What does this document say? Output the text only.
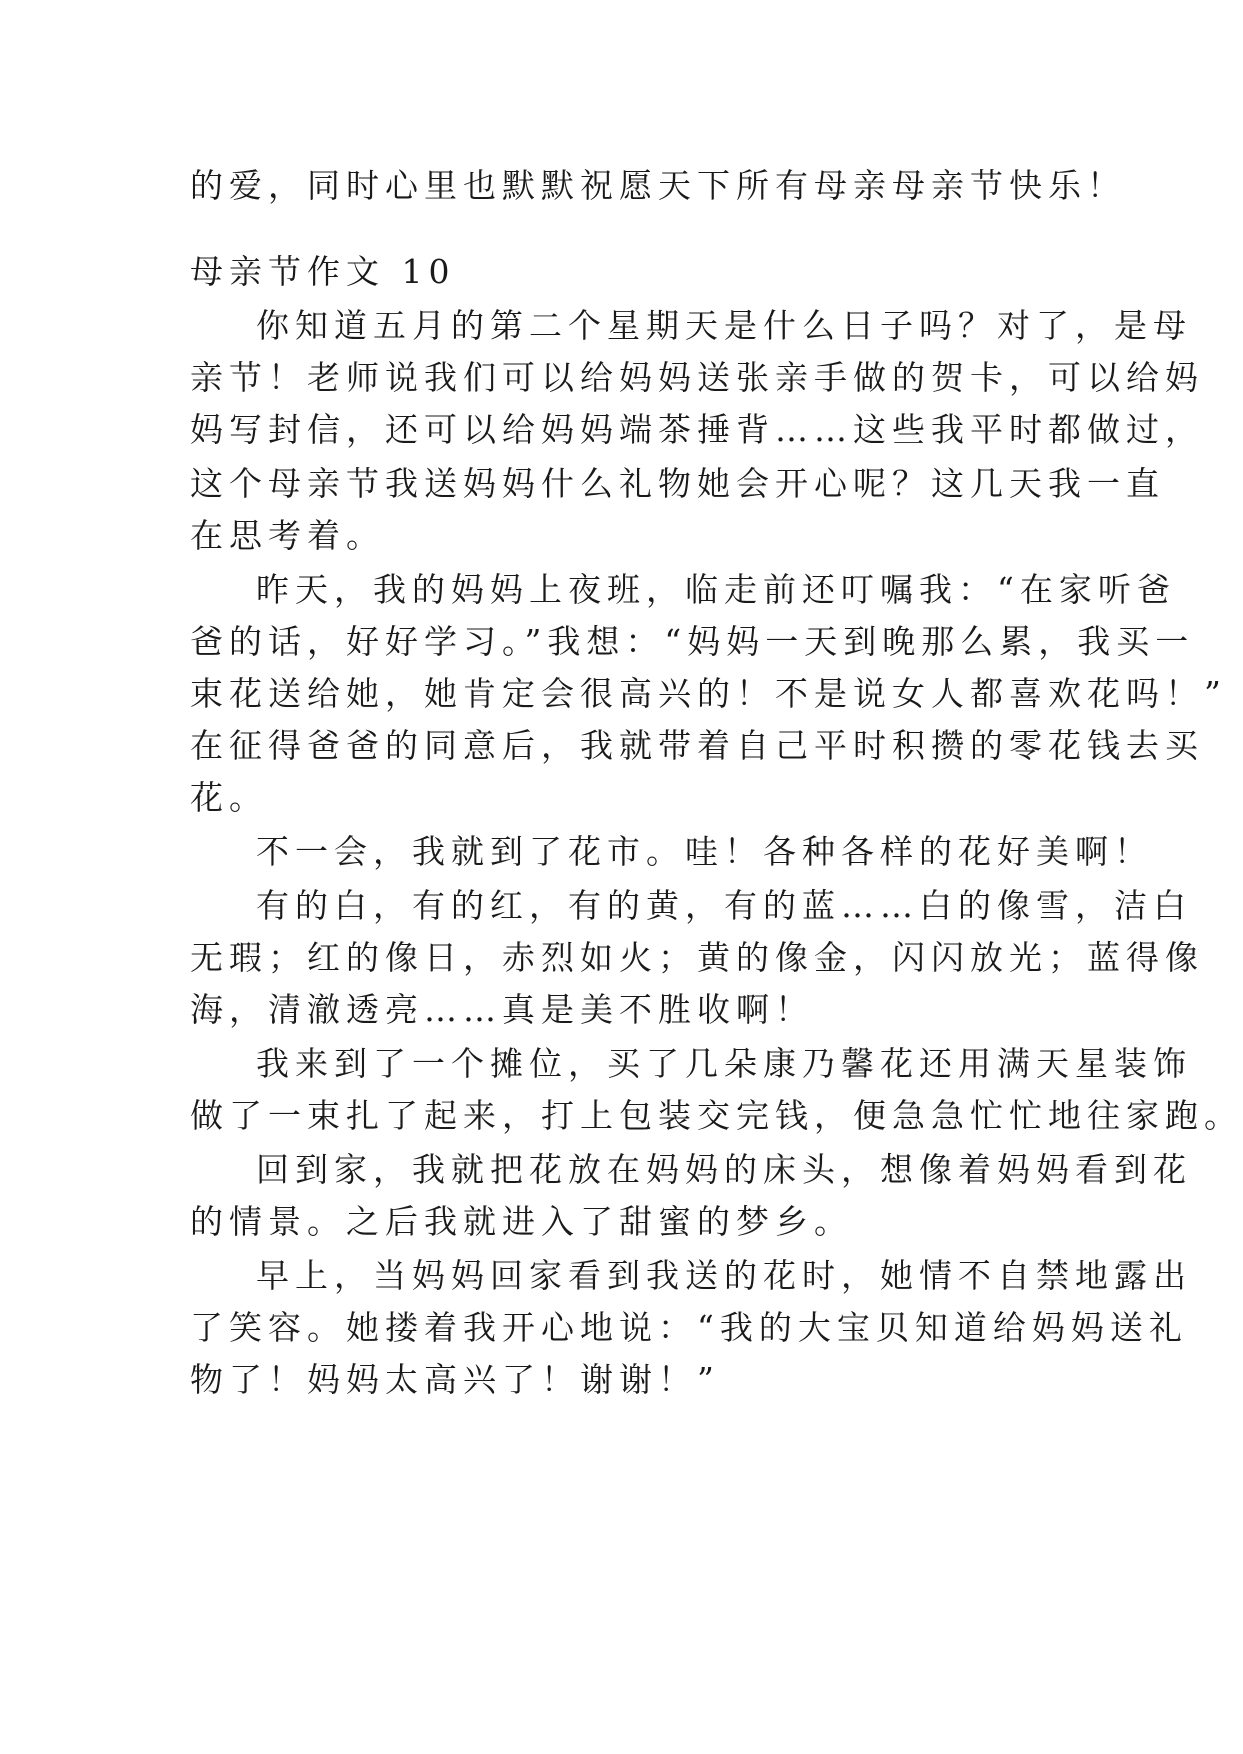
的爱，同时心里也默默祝愿天下所有母亲母亲节快乐！
母亲节作文 10
你知道五月的第二个星期天是什么日子吗？对了，是母
亲节！老师说我们可以给妈妈送张亲手做的贺卡，可以给妈
妈写封信，还可以给妈妈端茶捶背……这些我平时都做过，
这个母亲节我送妈妈什么礼物她会开心呢？这几天我一直
在思考着。
昨天，我的妈妈上夜班，临走前还叮嘱我：“在家听爸
爸的话，好好学习。”我想：“妈妈一天到晚那么累，我买一
束花送给她，她肯定会很高兴的！不是说女人都喜欢花吗！”
在征得爸爸的同意后，我就带着自己平时积攒的零花钱去买
花。
不一会，我就到了花市。哇！各种各样的花好美啊！
有的白，有的红，有的黄，有的蓝……白的像雪，洁白
无瑕；红的像日，赤烈如火；黄的像金，闪闪放光；蓝得像
海，清澈透亮……真是美不胜收啊！
我来到了一个摊位，买了几朵康乃馨花还用满天星装饰
做了一束扎了起来，打上包装交完钱，便急急忙忙地往家跑。
回到家，我就把花放在妈妈的床头，想像着妈妈看到花
的情景。之后我就进入了甜蜜的梦乡。
早上，当妈妈回家看到我送的花时，她情不自禁地露出
了笑容。她搂着我开心地说：“我的大宝贝知道给妈妈送礼
物了！妈妈太高兴了！谢谢！”
